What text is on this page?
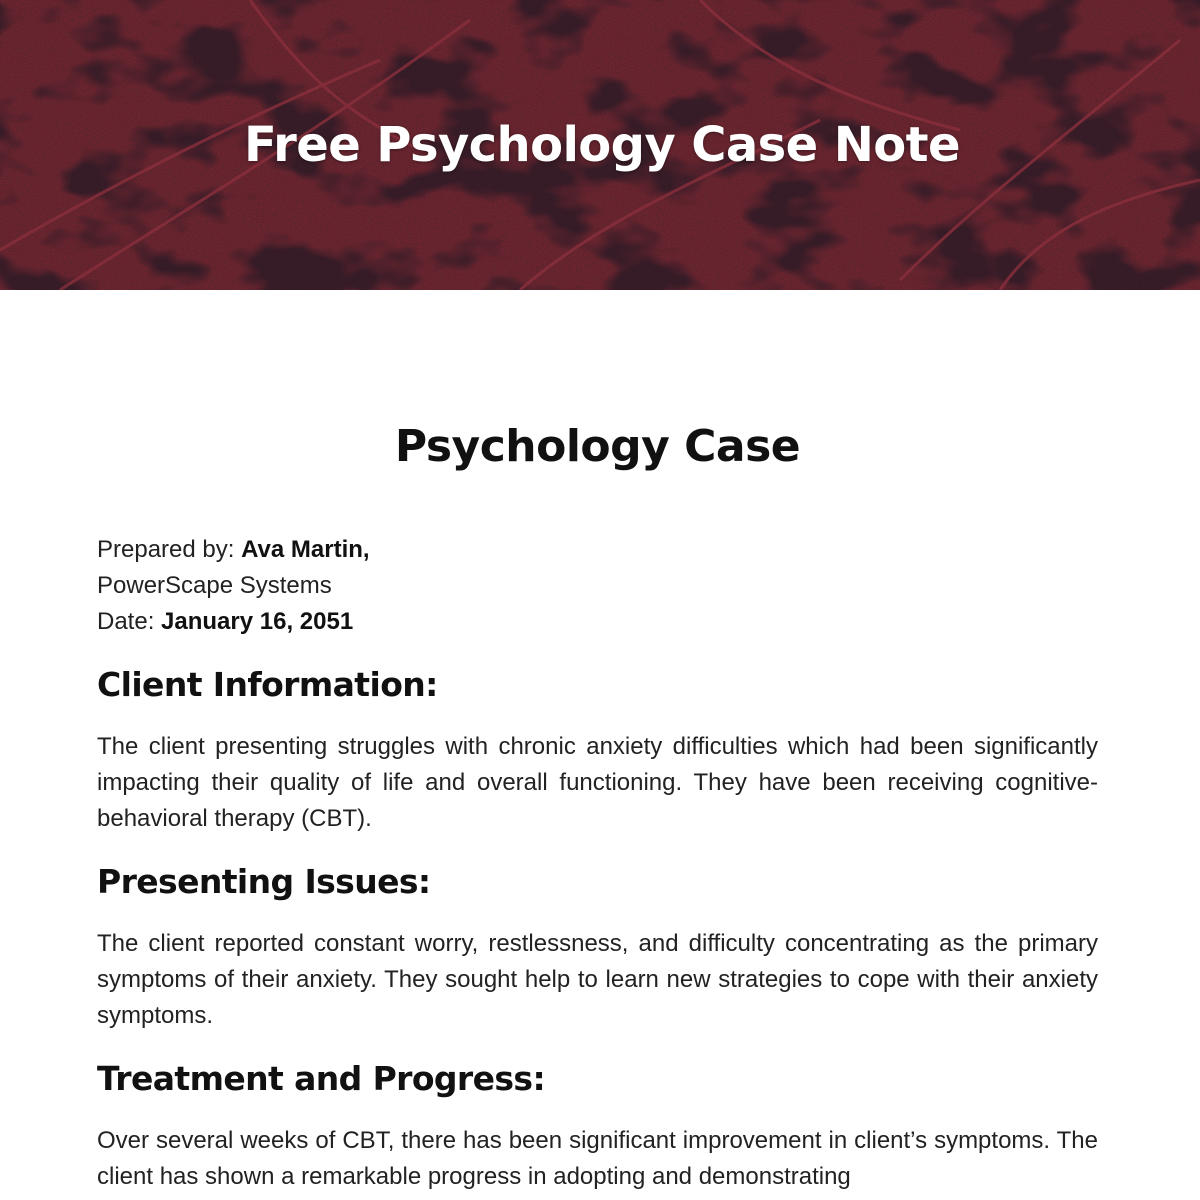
Free Psychology Case Note
Psychology Case
Prepared by: Ava Martin,
PowerScape Systems
Date: January 16, 2051
Client Information:

The client presenting struggles with chronic anxiety difficulties which had been significantly impacting their quality of life and overall functioning. They have been receiving cognitive-behavioral therapy (CBT).

Presenting Issues:

The client reported constant worry, restlessness, and difficulty concentrating as the primary symptoms of their anxiety. They sought help to learn new strategies to cope with their anxiety symptoms.

Treatment and Progress:

Over several weeks of CBT, there has been significant improvement in client’s symptoms. The client has shown a remarkable progress in adopting and demonstrating
